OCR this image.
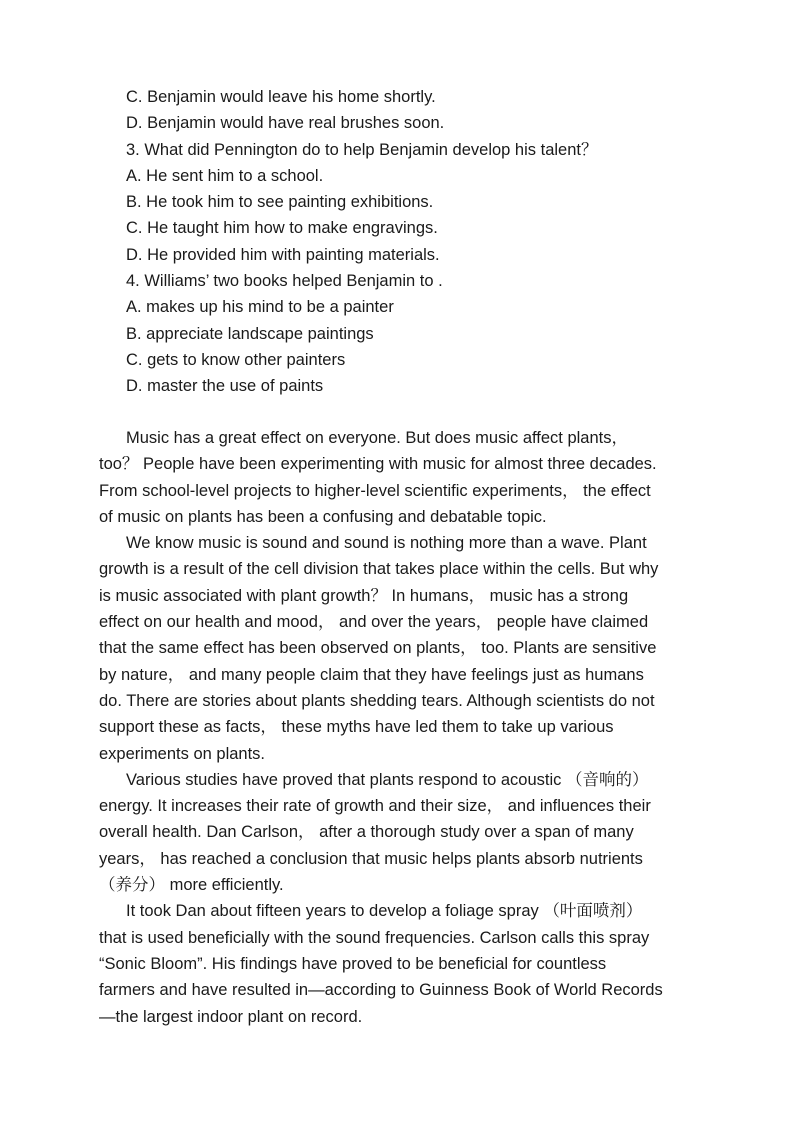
C. Benjamin would leave his home shortly.
D. Benjamin would have real brushes soon.
3. What did Pennington do to help Benjamin develop his talent？
A. He sent him to a school.
B. He took him to see painting exhibitions.
C. He taught him how to make engravings.
D. He provided him with painting materials.
4. Williams’ two books helped Benjamin to .
A. makes up his mind to be a painter
B. appreciate landscape paintings
C. gets to know other painters
D. master the use of paints

Music has a great effect on everyone. But does music affect plants，
too？ People have been experimenting with music for almost three decades.
From school-level projects to higher-level scientific experiments， the effect
of music on plants has been a confusing and debatable topic.

We know music is sound and sound is nothing more than a wave. Plant
growth is a result of the cell division that takes place within the cells. But why
is music associated with plant growth？ In humans， music has a strong
effect on our health and mood， and over the years， people have claimed
that the same effect has been observed on plants， too. Plants are sensitive
by nature， and many people claim that they have feelings just as humans
do. There are stories about plants shedding tears. Although scientists do not
support these as facts， these myths have led them to take up various
experiments on plants.

Various studies have proved that plants respond to acoustic （音响的）
energy. It increases their rate of growth and their size， and influences their
overall health. Dan Carlson， after a thorough study over a span of many
years， has reached a conclusion that music helps plants absorb nutrients
（养分） more efficiently.

It took Dan about fifteen years to develop a foliage spray （叶面喷剂）
that is used beneficially with the sound frequencies. Carlson calls this spray
“Sonic Bloom”. His findings have proved to be beneficial for countless
farmers and have resulted in—according to Guinness Book of World Records
—the largest indoor plant on record.
